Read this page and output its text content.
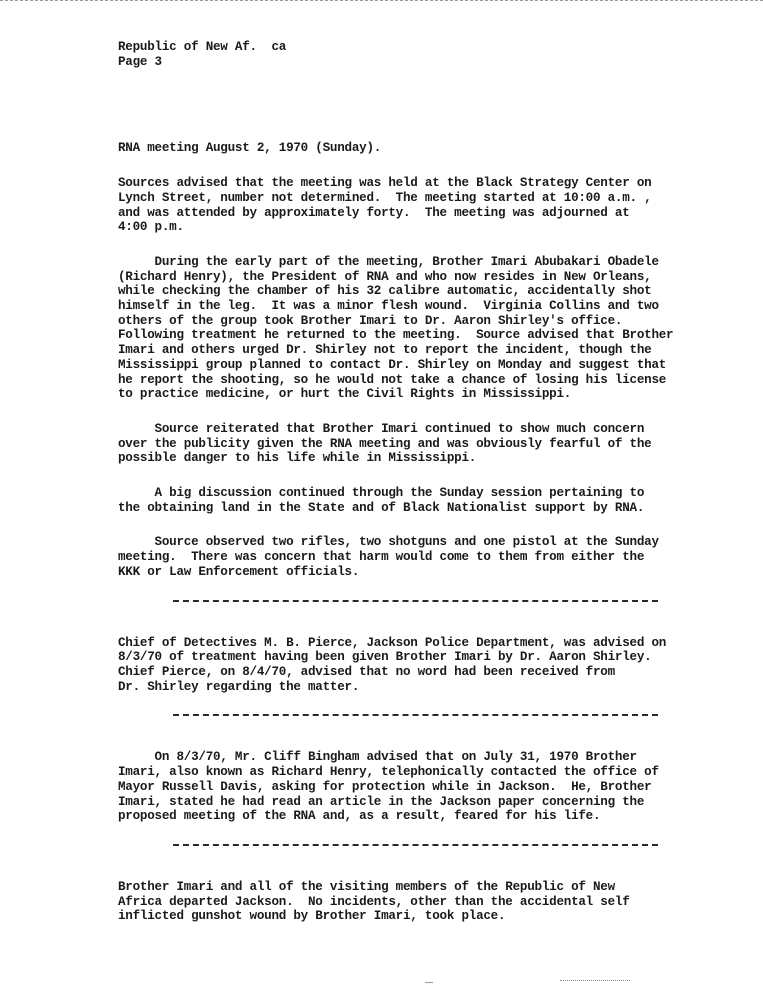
Republic of New Af.  ca

Page 3

RNA meeting August 2, 1970 (Sunday).

Sources advised that the meeting was held at the Black Strategy Center on

Lynch Street, number not determined.  The meeting started at 10:00 a.m. ,

and was attended by approximately forty.  The meeting was adjourned at

4:00 p.m.

During the early part of the meeting, Brother Imari Abubakari Obadele

(Richard Henry), the President of RNA and who now resides in New Orleans,

while checking the chamber of his 32 calibre automatic, accidentally shot

himself in the leg.  It was a minor flesh wound.  Virginia Collins and two

others of the group took Brother Imari to Dr. Aaron Shirley's office.

Following treatment he returned to the meeting.  Source advised that Brother

Imari and others urged Dr. Shirley not to report the incident, though the

Mississippi group planned to contact Dr. Shirley on Monday and suggest that

he report the shooting, so he would not take a chance of losing his license

to practice medicine, or hurt the Civil Rights in Mississippi.

Source reiterated that Brother Imari continued to show much concern

over the publicity given the RNA meeting and was obviously fearful of the

possible danger to his life while in Mississippi.

A big discussion continued through the Sunday session pertaining to

the obtaining land in the State and of Black Nationalist support by RNA.

Source observed two rifles, two shotguns and one pistol at the Sunday

meeting.  There was concern that harm would come to them from either the

KKK or Law Enforcement officials.

Chief of Detectives M. B. Pierce, Jackson Police Department, was advised on

8/3/70 of treatment having been given Brother Imari by Dr. Aaron Shirley.

Chief Pierce, on 8/4/70, advised that no word had been received from

Dr. Shirley regarding the matter.

On 8/3/70, Mr. Cliff Bingham advised that on July 31, 1970 Brother

Imari, also known as Richard Henry, telephonically contacted the office of

Mayor Russell Davis, asking for protection while in Jackson.  He, Brother

Imari, stated he had read an article in the Jackson paper concerning the

proposed meeting of the RNA and, as a result, feared for his life.

Brother Imari and all of the visiting members of the Republic of New

Africa departed Jackson.  No incidents, other than the accidental self

inflicted gunshot wound by Brother Imari, took place.
